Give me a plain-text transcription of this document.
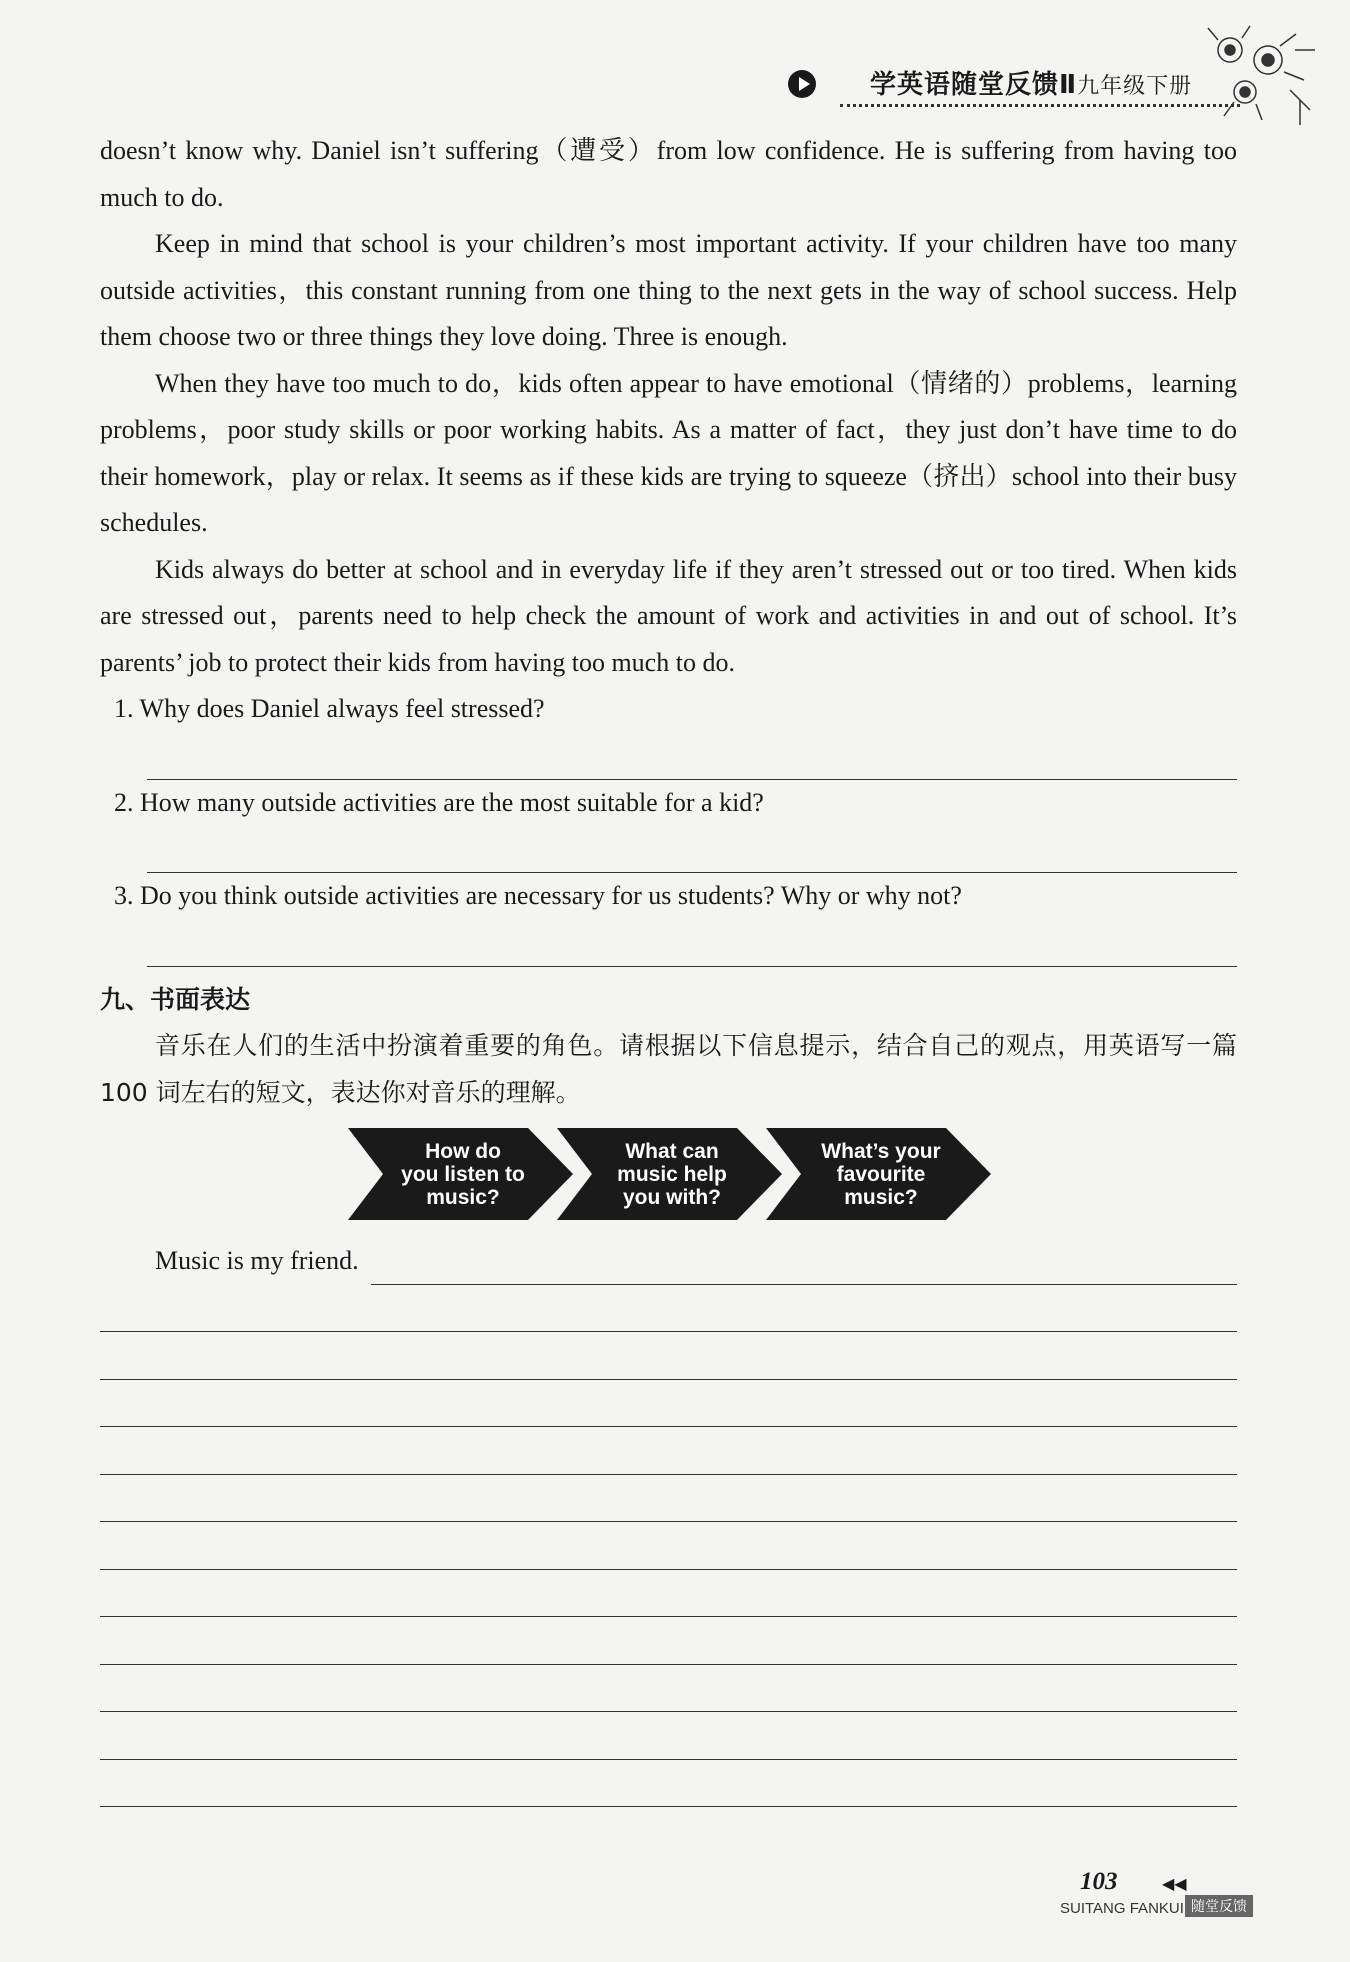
学英语随堂反馈Ⅱ九年级下册

doesn’t know why. Daniel isn’t suffering（遭受）from low confidence. He is suffering from having too much to do.

Keep in mind that school is your children’s most important activity. If your children have too many outside activities，this constant running from one thing to the next gets in the way of school success. Help them choose two or three things they love doing. Three is enough.

When they have too much to do，kids often appear to have emotional（情绪的）problems，learning problems，poor study skills or poor working habits. As a matter of fact，they just don’t have time to do their homework，play or relax. It seems as if these kids are trying to squeeze（挤出）school into their busy schedules.

Kids always do better at school and in everyday life if they aren’t stressed out or too tired. When kids are stressed out，parents need to help check the amount of work and activities in and out of school. It’s parents’ job to protect their kids from having too much to do.

1. Why does Daniel always feel stressed?
2. How many outside activities are the most suitable for a kid?
3. Do you think outside activities are necessary for us students? Why or why not?
九、书面表达

音乐在人们的生活中扮演着重要的角色。请根据以下信息提示，结合自己的观点，用英语写一篇 100 词左右的短文，表达你对音乐的理解。

How do
you listen to
music?
What can
music help
you with?
What’s your
favourite
music?
Music is my friend.
103	◀◀
SUITANG FANKUI 随堂反馈
